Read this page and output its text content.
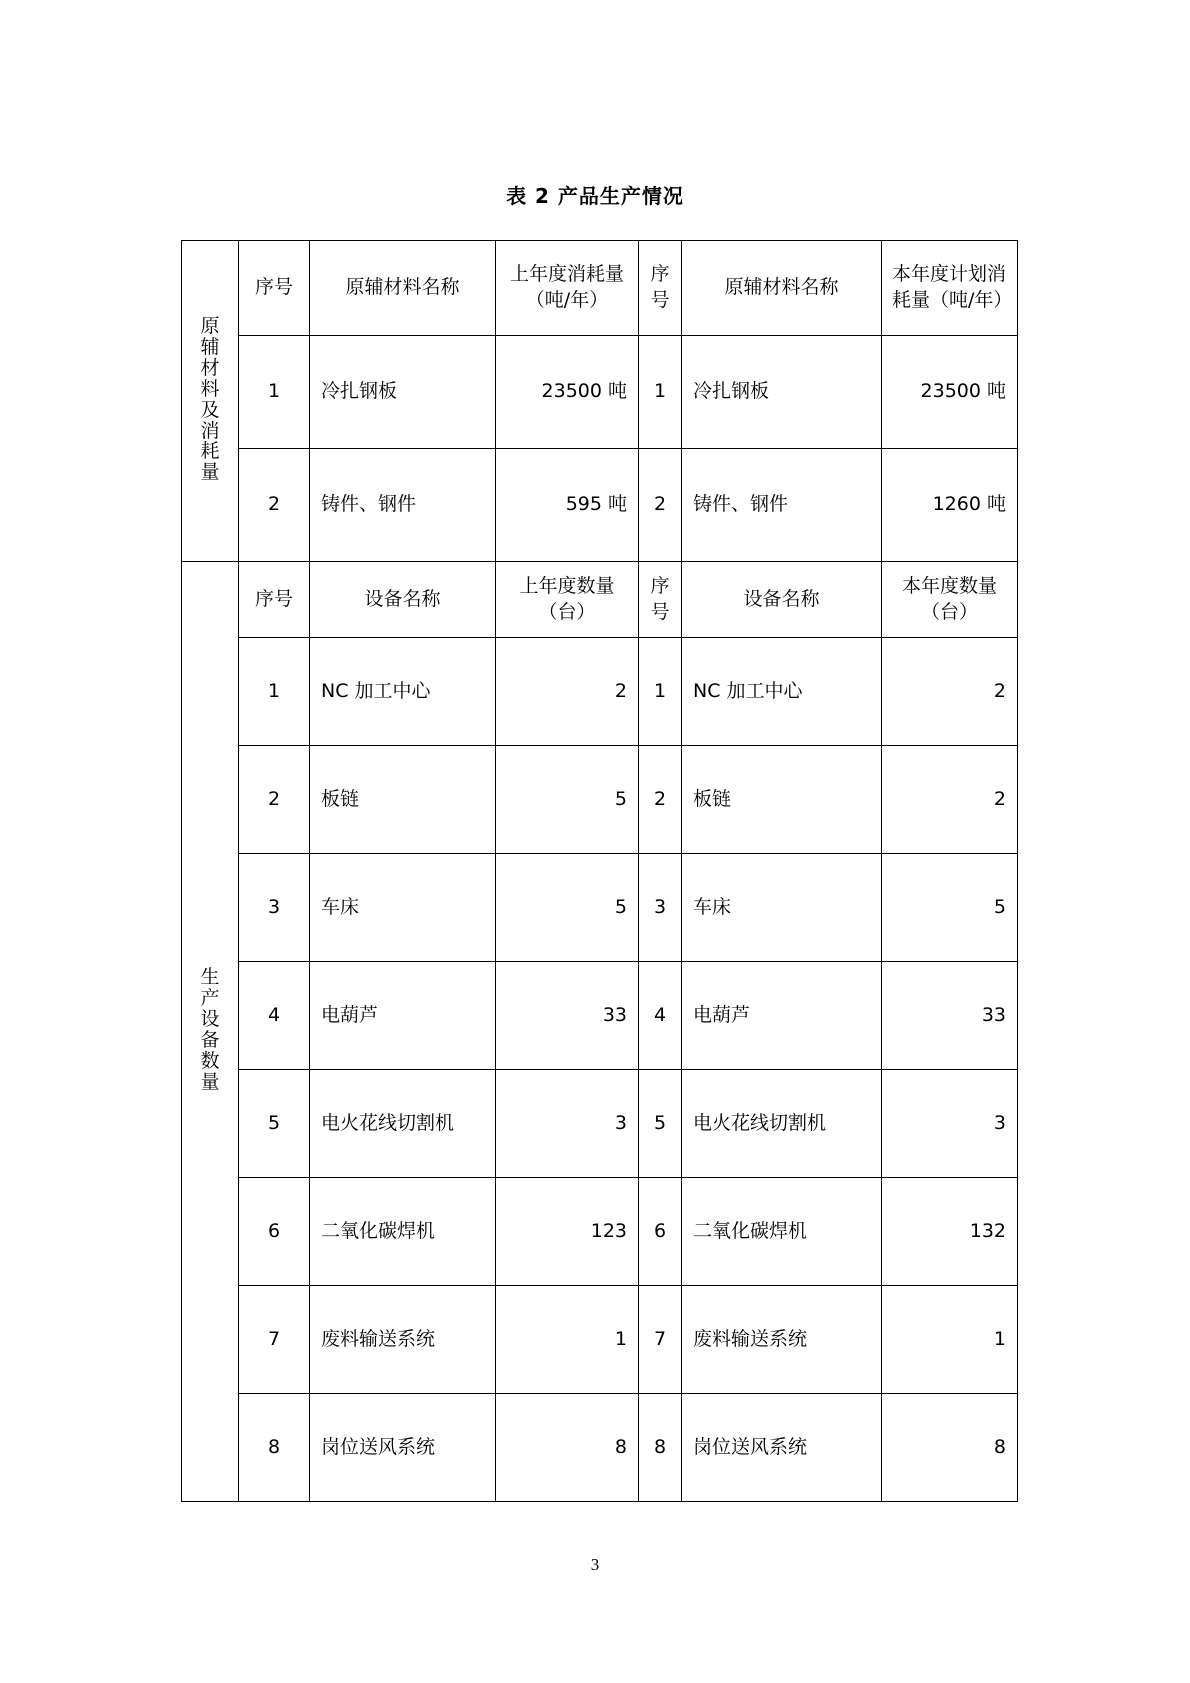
表 2 产品生产情况
原辅材料及消耗量	序号	原辅材料名称	上年度消耗量（吨/年）	序号	原辅材料名称	本年度计划消耗量（吨/年）
	1	冷扎钢板	23500 吨	1	冷扎钢板	23500 吨
	2	铸件、钢件	595 吨	2	铸件、钢件	1260 吨
生产设备数量	序号	设备名称	上年度数量（台）	序号	设备名称	本年度数量（台）
	1	NC 加工中心	2	1	NC 加工中心	2
	2	板链	5	2	板链	2
	3	车床	5	3	车床	5
	4	电葫芦	33	4	电葫芦	33
	5	电火花线切割机	3	5	电火花线切割机	3
	6	二氧化碳焊机	123	6	二氧化碳焊机	132
	7	废料输送系统	1	7	废料输送系统	1
	8	岗位送风系统	8	8	岗位送风系统	8
3
